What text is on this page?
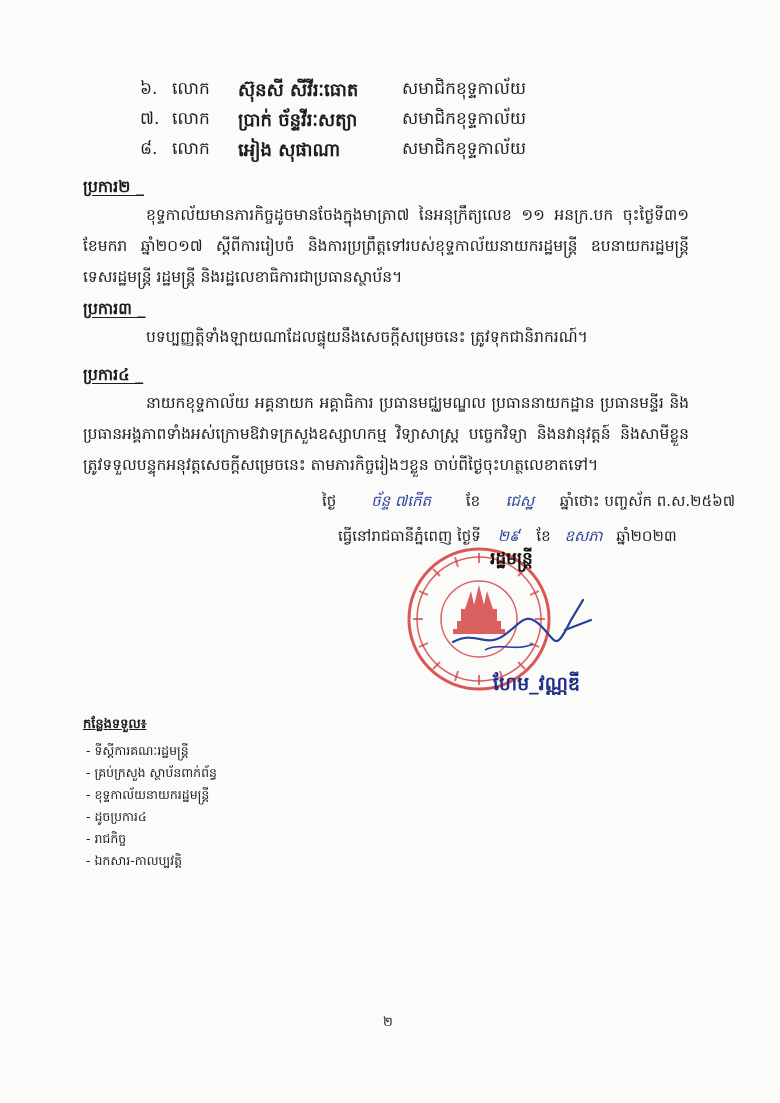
៦. លោក ស៊ុនសី សីវីរៈធោត	សមាជិកខុទ្ទកាល័យ
៧. លោក ប្រាក់ ច័ន្ទវីរៈសត្យា	សមាជិកខុទ្ទកាល័យ
៨. លោក អៀង សុផាណា	សមាជិកខុទ្ទកាល័យ
ប្រការ២ _
ខុទ្ទកាល័យមានភារកិច្ចដូចមានចែងក្នុងមាត្រា៧ នៃអនុក្រឹត្យលេខ ១១ អនក្រ.បក ចុះថ្ងៃទី៣១ ខែមករា ឆ្នាំ២០១៧ ស្តីពីការរៀបចំ និងការប្រព្រឹត្តទៅរបស់ខុទ្ទកាល័យនាយករដ្ឋមន្ត្រី ឧបនាយករដ្ឋមន្ត្រី ទេសរដ្ឋមន្ត្រី រដ្ឋមន្ត្រី និងរដ្ឋលេខាធិការជាប្រធានស្ថាប័ន។
ប្រការ៣ _
បទប្បញ្ញត្តិទាំងឡាយណាដែលផ្ទុយនឹងសេចក្តីសម្រេចនេះ ត្រូវទុកជានិរាករណ៍។
ប្រការ៤ _
នាយកខុទ្ទកាល័យ អគ្គនាយក អគ្គាធិការ ប្រធានមជ្ឈមណ្ឌល ប្រធាននាយកដ្ឋាន ប្រធានមន្ទីរ និងប្រធានអង្គភាពទាំងអស់ក្រោមឱវាទក្រសួងឧស្សាហកម្ម វិទ្យាសាស្ត្រ បច្ចេកវិទ្យា និងនវានុវត្តន៍ និងសាមីខ្លួន ត្រូវទទួលបន្ទុកអនុវត្តសេចក្តីសម្រេចនេះ តាមភារកិច្ចរៀងៗខ្លួន ចាប់ពីថ្ងៃចុះហត្ថលេខាតទៅ។
ថ្ងៃ ច័ន្ទ ៧កើត ខែ ជេស្ឋ ឆ្នាំថោះ បញ្ចស័ក ព.ស.២៥៦៧
ធ្វើនៅរាជធានីភ្នំពេញ ថ្ងៃទី ២៩ ខែ ឧសភា ឆ្នាំ២០២៣
រដ្ឋមន្ត្រី
ហែម_វណ្ណឌី
កន្លែងទទួល៖
- ទីស្តីការគណៈរដ្ឋមន្ត្រី
- គ្រប់ក្រសួង ស្ថាប័នពាក់ព័ន្ធ
- ខុទ្ទកាល័យនាយករដ្ឋមន្ត្រី
- ដូចប្រការ៤
- រាជកិច្ច
- ឯកសារ-កាលប្បវត្តិ
២
